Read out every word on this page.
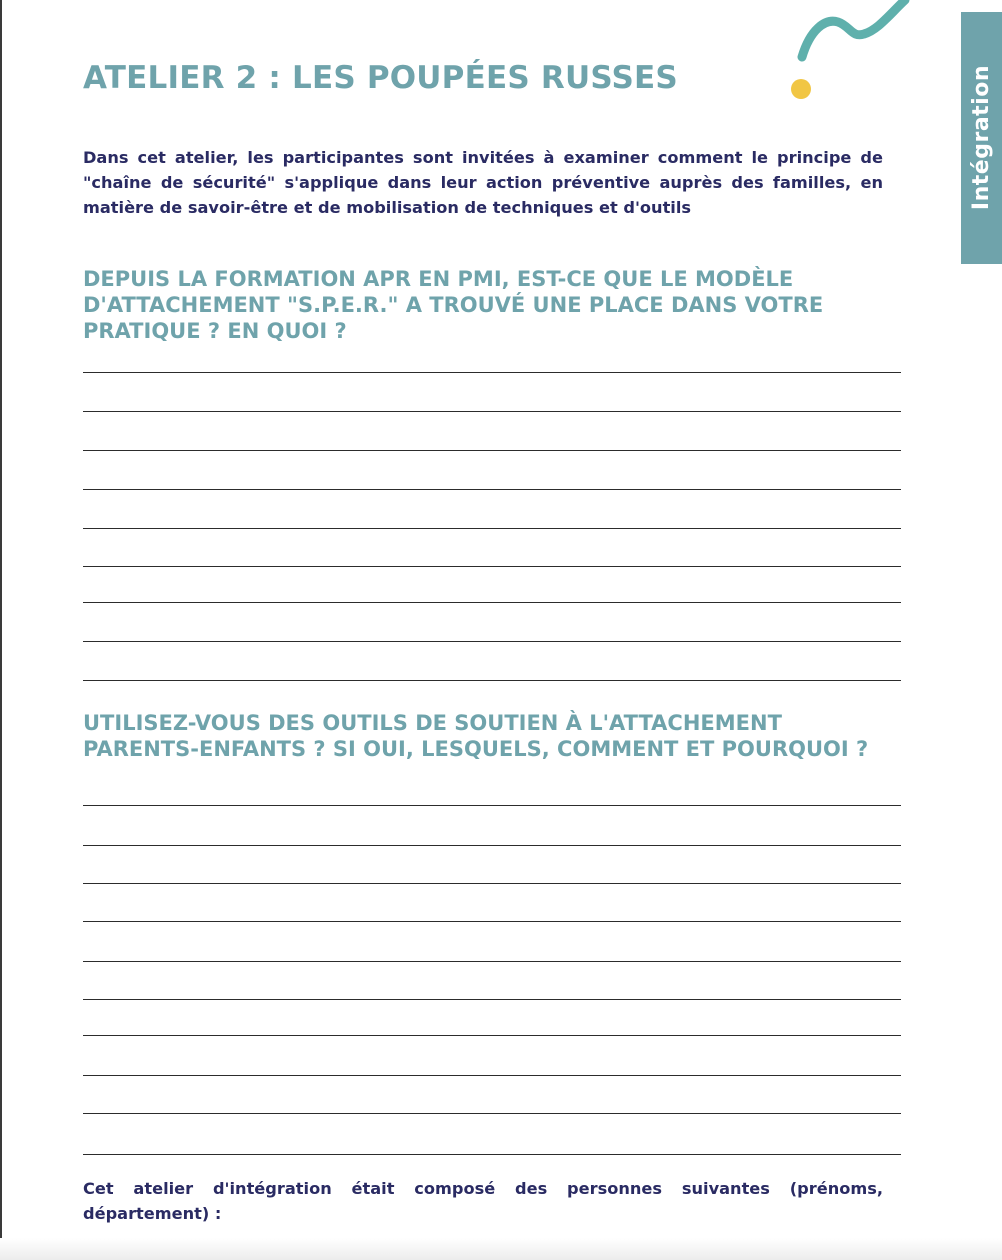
Intégration
ATELIER 2 : LES POUPÉES RUSSES

Dans cet atelier, les participantes sont invitées à examiner comment le principe de "chaîne de sécurité" s'applique dans leur action préventive auprès des familles, en matière de savoir-être et de mobilisation de techniques et d'outils

DEPUIS LA FORMATION APR EN PMI, EST-CE QUE LE MODÈLE D'ATTACHEMENT "S.P.E.R." A TROUVÉ UNE PLACE DANS VOTRE PRATIQUE ? EN QUOI ?
UTILISEZ-VOUS DES OUTILS DE SOUTIEN À L'ATTACHEMENT PARENTS-ENFANTS ? SI OUI, LESQUELS, COMMENT ET POURQUOI ?

Cet atelier d'intégration était composé des personnes suivantes (prénoms, département) :
